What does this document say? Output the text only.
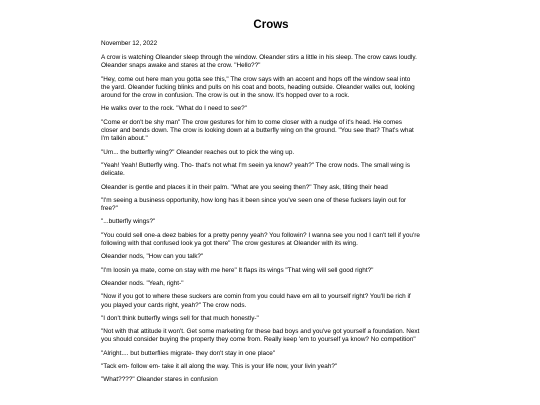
Crows

November 12, 2022

A crow is watching Oleander sleep through the window. Oleander stirs a little in his sleep. The crow caws loudly.
Oleander snaps awake and stares at the crow. "Hello??"

"Hey, come out here man you gotta see this," The crow says with an accent and hops off the window seal into
the yard. Oleander fucking blinks and pulls on his coat and boots, heading outside. Oleander walks out, looking
around for the crow in confusion. The crow is out in the snow. It's hopped over to a rock.

He walks over to the rock. "What do I need to see?"

"Come er don't be shy man" The crow gestures for him to come closer with a nudge of it's head. He comes
closer and bends down. The crow is looking down at a butterfly wing on the ground. "You see that? That's what
I'm talkin about."

"Um... the butterfly wing?" Oleander reaches out to pick the wing up.

"Yeah! Yeah! Butterfly wing. Tho- that's not what I'm seein ya know? yeah?" The crow nods. The small wing is
delicate.

Oleander is gentle and places it in their palm. "What are you seeing then?" They ask, tilting their head

"I'm seeing a business opportunity, how long has it been since you've seen one of these fuckers layin out for
free?"

"...butterfly wings?"

"You could sell one-a deez babies for a pretty penny yeah? You followin? I wanna see you nod I can't tell if you're
following with that confused look ya got there" The crow gestures at Oleander with its wing.

Oleander nods, "How can you talk?"

"I'm loosin ya mate, come on stay with me here" It flaps its wings "That wing will sell good right?"

Oleander nods. "Yeah, right-"

"Now if you got to where these suckers are comin from you could have em all to yourself right? You'll be rich if
you played your cards right, yeah?" The crow nods.

"I don't think butterfly wings sell for that much honestly-"

"Not with that attitude it won't. Get some marketing for these bad boys and you've got yourself a foundation. Next
you should consider buying the property they come from. Really keep 'em to yourself ya know? No competition"

"Alright.... but butterflies migrate- they don't stay in one place"

"Tack em- follow em- take it all along the way. This is your life now, your livin yeah?"

"What????" Oleander stares in confusion
